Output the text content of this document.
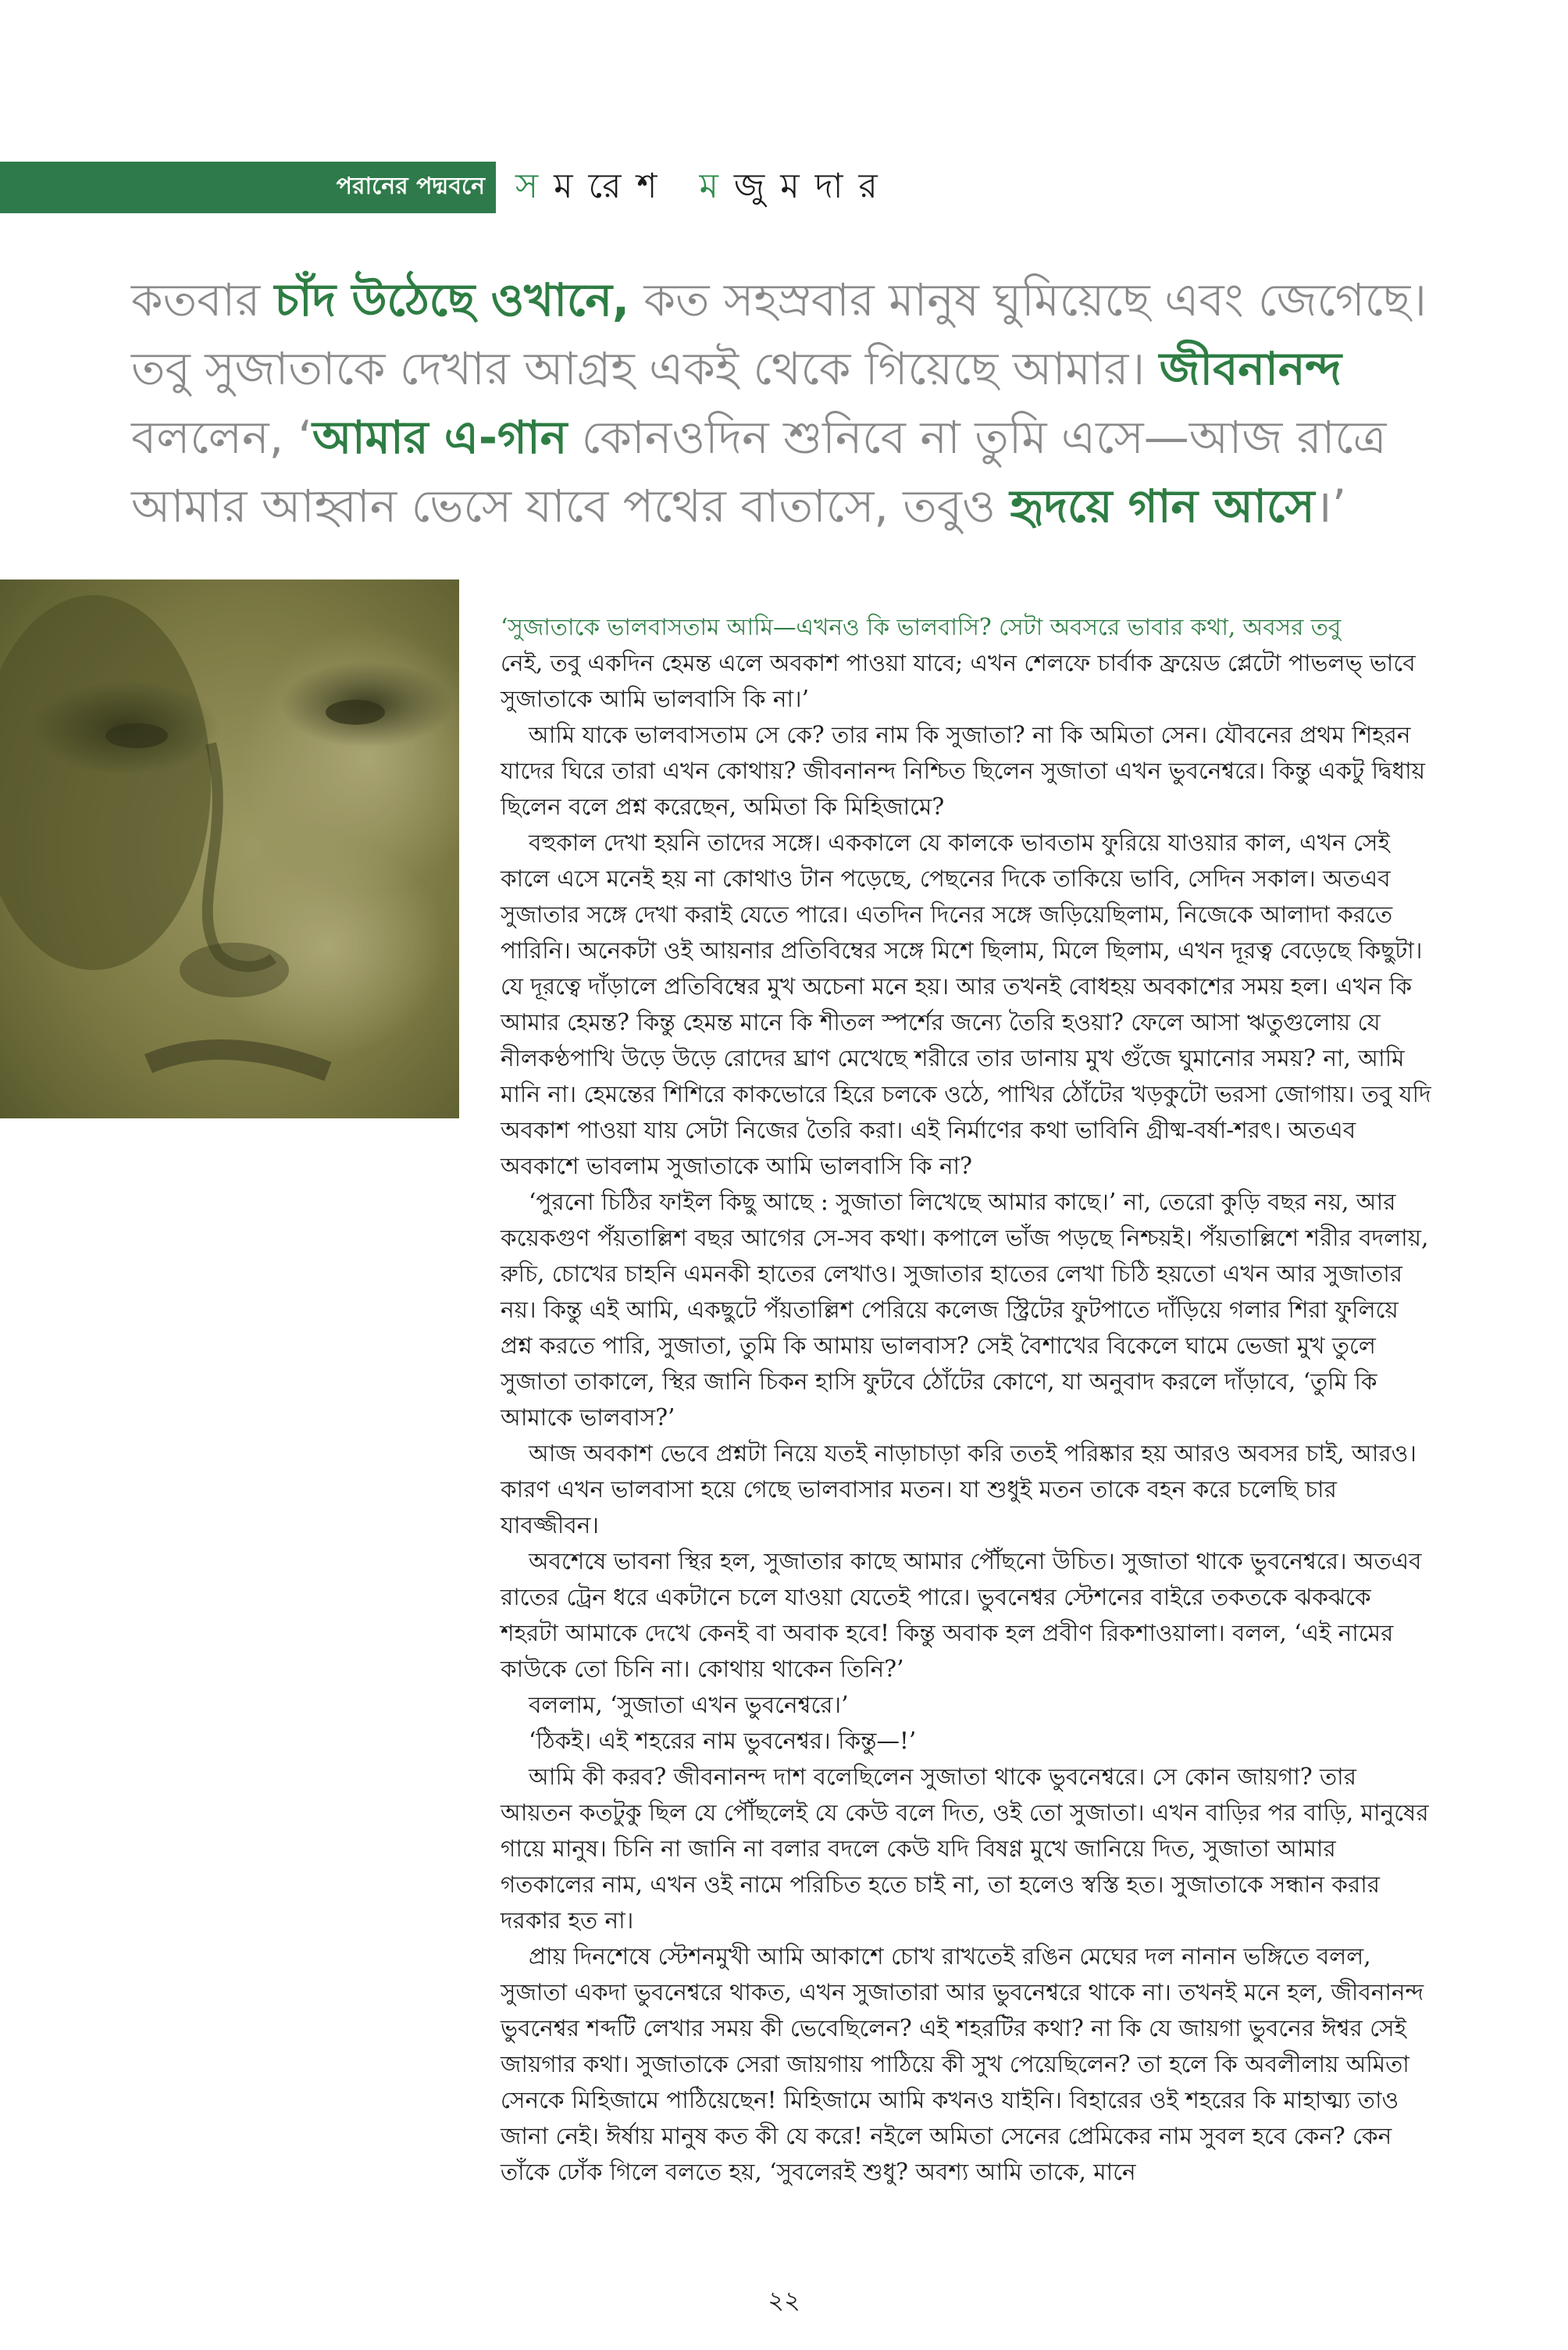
পরানের পদ্মবনে সমরেশ মজুমদার
কতবার চাঁদ উঠেছে ওখানে, কত সহস্রবার মানুষ ঘুমিয়েছে এবং জেগেছে।
তবু সুজাতাকে দেখার আগ্রহ একই থেকে গিয়েছে আমার। জীবনানন্দ
বললেন, ‘আমার এ-গান কোনওদিন শুনিবে না তুমি এসে—আজ রাত্রে
আমার আহ্বান ভেসে যাবে পথের বাতাসে, তবুও হৃদয়ে গান আসে।’

‘সুজাতাকে ভালবাসতাম আমি—এখনও কি ভালবাসি? সেটা অবসরে ভাবার কথা, অবসর তবু
নেই, তবু একদিন হেমন্ত এলে অবকাশ পাওয়া যাবে; এখন শেলফে চার্বাক ফ্রয়েড প্লেটো পাভলভ্ ভাবে সুজাতাকে আমি ভালবাসি কি না।’

আমি যাকে ভালবাসতাম সে কে? তার নাম কি সুজাতা? না কি অমিতা সেন। যৌবনের প্রথম শিহরন যাদের ঘিরে তারা এখন কোথায়? জীবনানন্দ নিশ্চিত ছিলেন সুজাতা এখন ভুবনেশ্বরে। কিন্তু একটু দ্বিধায় ছিলেন বলে প্রশ্ন করেছেন, অমিতা কি মিহিজামে?

বহুকাল দেখা হয়নি তাদের সঙ্গে। এককালে যে কালকে ভাবতাম ফুরিয়ে যাওয়ার কাল, এখন সেই কালে এসে মনেই হয় না কোথাও টান পড়েছে, পেছনের দিকে তাকিয়ে ভাবি, সেদিন সকাল। অতএব সুজাতার সঙ্গে দেখা করাই যেতে পারে। এতদিন দিনের সঙ্গে জড়িয়েছিলাম, নিজেকে আলাদা করতে পারিনি। অনেকটা ওই আয়নার প্রতিবিম্বের সঙ্গে মিশে ছিলাম, মিলে ছিলাম, এখন দূরত্ব বেড়েছে কিছুটা। যে দূরত্বে দাঁড়ালে প্রতিবিম্বের মুখ অচেনা মনে হয়। আর তখনই বোধহয় অবকাশের সময় হল। এখন কি আমার হেমন্ত? কিন্তু হেমন্ত মানে কি শীতল স্পর্শের জন্যে তৈরি হওয়া? ফেলে আসা ঋতুগুলোয় যে নীলকণ্ঠপাখি উড়ে উড়ে রোদের ঘ্রাণ মেখেছে শরীরে তার ডানায় মুখ গুঁজে ঘুমানোর সময়? না, আমি মানি না। হেমন্তের শিশিরে কাকভোরে হিরে চলকে ওঠে, পাখির ঠোঁটের খড়কুটো ভরসা জোগায়। তবু যদি অবকাশ পাওয়া যায় সেটা নিজের তৈরি করা। এই নির্মাণের কথা ভাবিনি গ্রীষ্ম-বর্ষা-শরৎ। অতএব অবকাশে ভাবলাম সুজাতাকে আমি ভালবাসি কি না?

‘পুরনো চিঠির ফাইল কিছু আছে : সুজাতা লিখেছে আমার কাছে।’ না, তেরো কুড়ি বছর নয়, আর কয়েকগুণ পঁয়তাল্লিশ বছর আগের সে-সব কথা। কপালে ভাঁজ পড়ছে নিশ্চয়ই। পঁয়তাল্লিশে শরীর বদলায়, রুচি, চোখের চাহনি এমনকী হাতের লেখাও। সুজাতার হাতের লেখা চিঠি হয়তো এখন আর সুজাতার নয়। কিন্তু এই আমি, একছুটে পঁয়তাল্লিশ পেরিয়ে কলেজ স্ট্রিটের ফুটপাতে দাঁড়িয়ে গলার শিরা ফুলিয়ে প্রশ্ন করতে পারি, সুজাতা, তুমি কি আমায় ভালবাস? সেই বৈশাখের বিকেলে ঘামে ভেজা মুখ তুলে সুজাতা তাকালে, স্থির জানি চিকন হাসি ফুটবে ঠোঁটের কোণে, যা অনুবাদ করলে দাঁড়াবে, ‘তুমি কি আমাকে ভালবাস?’

আজ অবকাশ ভেবে প্রশ্নটা নিয়ে যতই নাড়াচাড়া করি ততই পরিষ্কার হয় আরও অবসর চাই, আরও। কারণ এখন ভালবাসা হয়ে গেছে ভালবাসার মতন। যা শুধুই মতন তাকে বহন করে চলেছি চার যাবজ্জীবন।

অবশেষে ভাবনা স্থির হল, সুজাতার কাছে আমার পৌঁছনো উচিত। সুজাতা থাকে ভুবনেশ্বরে। অতএব রাতের ট্রেন ধরে একটানে চলে যাওয়া যেতেই পারে। ভুবনেশ্বর স্টেশনের বাইরে তকতকে ঝকঝকে শহরটা আমাকে দেখে কেনই বা অবাক হবে! কিন্তু অবাক হল প্রবীণ রিকশাওয়ালা। বলল, ‘এই নামের কাউকে তো চিনি না। কোথায় থাকেন তিনি?’

বললাম, ‘সুজাতা এখন ভুবনেশ্বরে।’

‘ঠিকই। এই শহরের নাম ভুবনেশ্বর। কিন্তু—!’

আমি কী করব? জীবনানন্দ দাশ বলেছিলেন সুজাতা থাকে ভুবনেশ্বরে। সে কোন জায়গা? তার আয়তন কতটুকু ছিল যে পৌঁছলেই যে কেউ বলে দিত, ওই তো সুজাতা। এখন বাড়ির পর বাড়ি, মানুষের গায়ে মানুষ। চিনি না জানি না বলার বদলে কেউ যদি বিষণ্ণ মুখে জানিয়ে দিত, সুজাতা আমার গতকালের নাম, এখন ওই নামে পরিচিত হতে চাই না, তা হলেও স্বস্তি হত। সুজাতাকে সন্ধান করার দরকার হত না।

প্রায় দিনশেষে স্টেশনমুখী আমি আকাশে চোখ রাখতেই রঙিন মেঘের দল নানান ভঙ্গিতে বলল, সুজাতা একদা ভুবনেশ্বরে থাকত, এখন সুজাতারা আর ভুবনেশ্বরে থাকে না। তখনই মনে হল, জীবনানন্দ ভুবনেশ্বর শব্দটি লেখার সময় কী ভেবেছিলেন? এই শহরটির কথা? না কি যে জায়গা ভুবনের ঈশ্বর সেই জায়গার কথা। সুজাতাকে সেরা জায়গায় পাঠিয়ে কী সুখ পেয়েছিলেন? তা হলে কি অবলীলায় অমিতা সেনকে মিহিজামে পাঠিয়েছেন! মিহিজামে আমি কখনও যাইনি। বিহারের ওই শহরের কি মাহাত্ম্য তাও জানা নেই। ঈর্ষায় মানুষ কত কী যে করে! নইলে অমিতা সেনের প্রেমিকের নাম সুবল হবে কেন? কেন তাঁকে ঢোঁক গিলে বলতে হয়, ‘সুবলেরই শুধু? অবশ্য আমি তাকে, মানে

২২
